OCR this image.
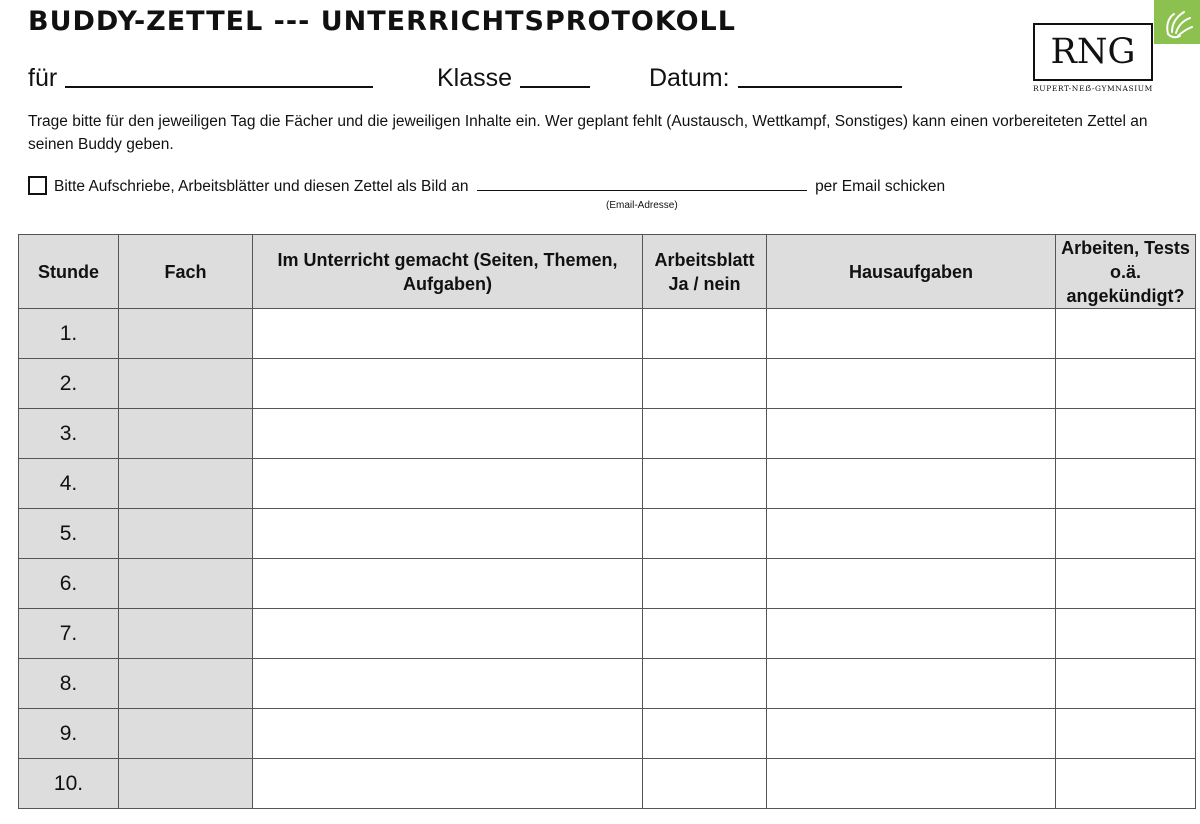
BUDDY-ZETTEL --- UNTERRICHTSPROTOKOLL
für	Klasse	Datum:
RNG
RUPERT-NEẞ-GYMNASIUM
Trage bitte für den jeweiligen Tag die Fächer und die jeweiligen Inhalte ein. Wer geplant fehlt (Austausch, Wettkampf, Sonstiges) kann einen vorbereiteten Zettel an seinen Buddy geben.
Bitte Aufschriebe, Arbeitsblätter und diesen Zettel als Bild an	per Email schicken
(Email-Adresse)
Stunde	Fach	Im Unterricht gemacht (Seiten, Themen, Aufgaben)	Arbeitsblatt Ja / nein	Hausaufgaben	Arbeiten, Tests o.ä. angekündigt?
1.					
2.					
3.					
4.					
5.					
6.					
7.					
8.					
9.					
10.					
